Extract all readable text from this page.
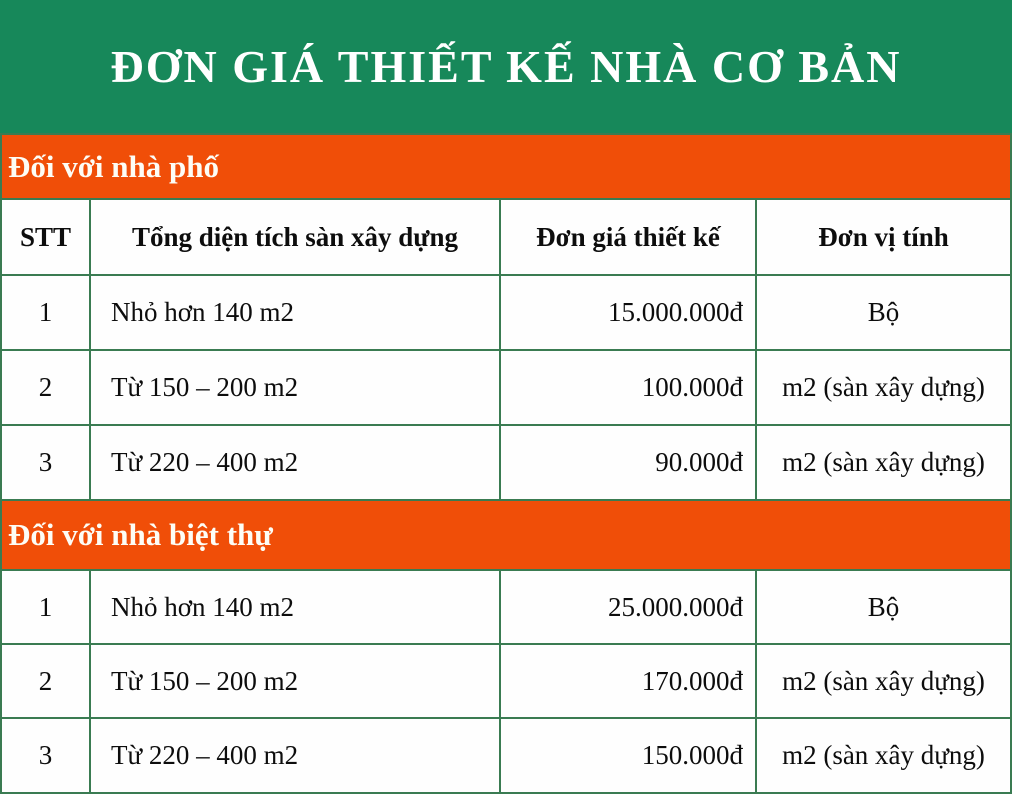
ĐƠN GIÁ THIẾT KẾ NHÀ CƠ BẢN
Đối với nhà phố
STT	Tổng diện tích sàn xây dựng	Đơn giá thiết kế	Đơn vị tính
1	Nhỏ hơn 140 m2	15.000.000đ	Bộ
2	Từ 150 – 200 m2	100.000đ	m2 (sàn xây dựng)
3	Từ 220 – 400 m2	90.000đ	m2 (sàn xây dựng)
Đối với nhà biệt thự
1	Nhỏ hơn 140 m2	25.000.000đ	Bộ
2	Từ 150 – 200 m2	170.000đ	m2 (sàn xây dựng)
3	Từ 220 – 400 m2	150.000đ	m2 (sàn xây dựng)
